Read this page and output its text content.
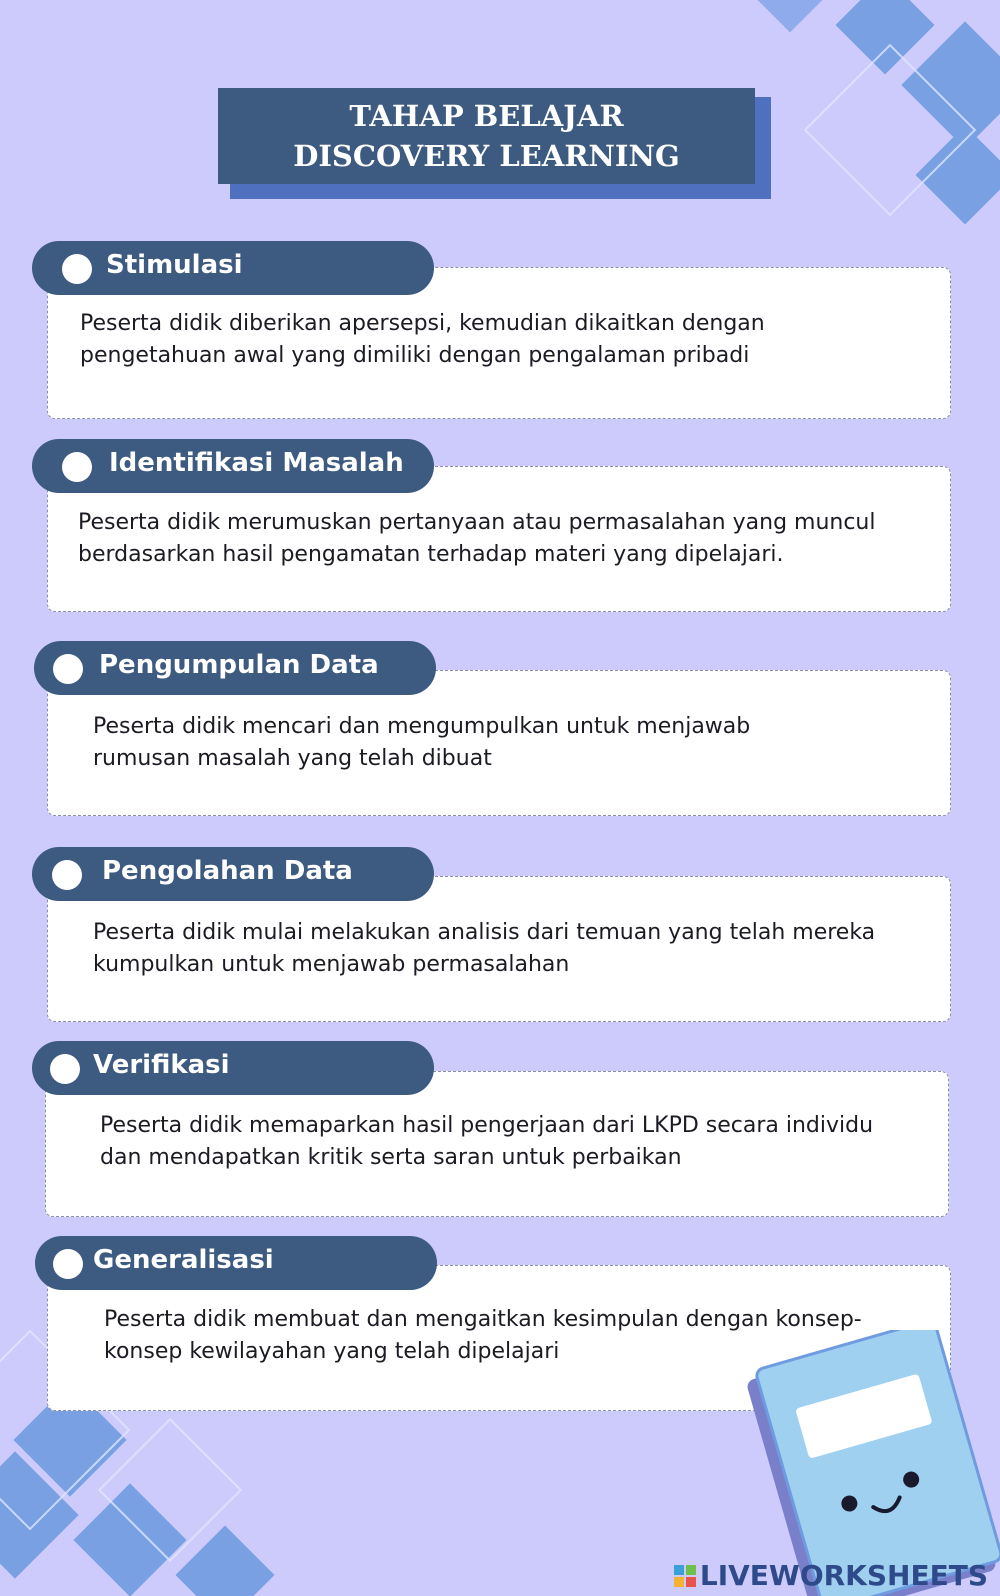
TAHAP BELAJAR DISCOVERY LEARNING
Peserta didik diberikan apersepsi, kemudian dikaitkan dengan pengetahuan awal yang dimiliki dengan pengalaman pribadi
Stimulasi
Peserta didik merumuskan pertanyaan atau permasalahan yang muncul berdasarkan hasil pengamatan terhadap materi yang dipelajari.
Identifikasi Masalah
Peserta didik mencari dan mengumpulkan untuk menjawab rumusan masalah yang telah dibuat
Pengumpulan Data
Peserta didik mulai melakukan analisis dari temuan yang telah mereka kumpulkan untuk menjawab permasalahan
Pengolahan Data
Peserta didik memaparkan hasil pengerjaan dari LKPD secara individu dan mendapatkan kritik serta saran untuk perbaikan
Verifikasi
Peserta didik membuat dan mengaitkan kesimpulan dengan konsep-konsep kewilayahan yang telah dipelajari
Generalisasi
LIVEWORKSHEETS
